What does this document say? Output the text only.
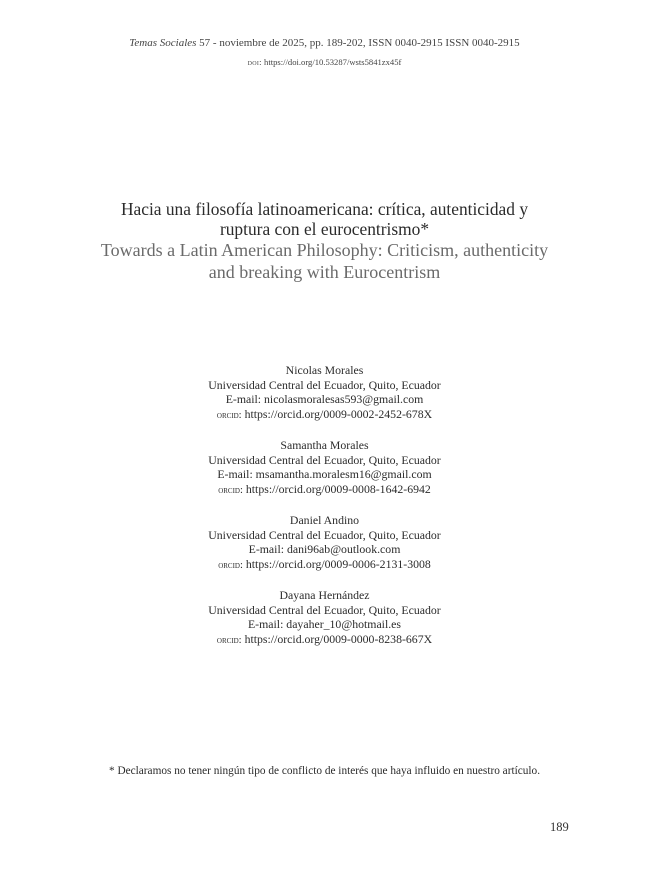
Temas Sociales 57 - noviembre de 2025, pp. 189-202, ISSN 0040-2915 ISSN 0040-2915
doi: https://doi.org/10.53287/wsts5841zx45f
Hacia una filosofía latinoamericana: crítica, autenticidad y
ruptura con el eurocentrismo*
Towards a Latin American Philosophy: Criticism, authenticity
and breaking with Eurocentrism
Nicolas Morales
Universidad Central del Ecuador, Quito, Ecuador
E-mail: nicolasmoralesas593@gmail.com
orcid: https://orcid.org/0009-0002-2452-678X
Samantha Morales
Universidad Central del Ecuador, Quito, Ecuador
E-mail: msamantha.moralesm16@gmail.com
orcid: https://orcid.org/0009-0008-1642-6942
Daniel Andino
Universidad Central del Ecuador, Quito, Ecuador
E-mail: dani96ab@outlook.com
orcid: https://orcid.org/0009-0006-2131-3008
Dayana Hernández
Universidad Central del Ecuador, Quito, Ecuador
E-mail: dayaher_10@hotmail.es
orcid: https://orcid.org/0009-0000-8238-667X
* Declaramos no tener ningún tipo de conflicto de interés que haya influido en nuestro artículo.
189
